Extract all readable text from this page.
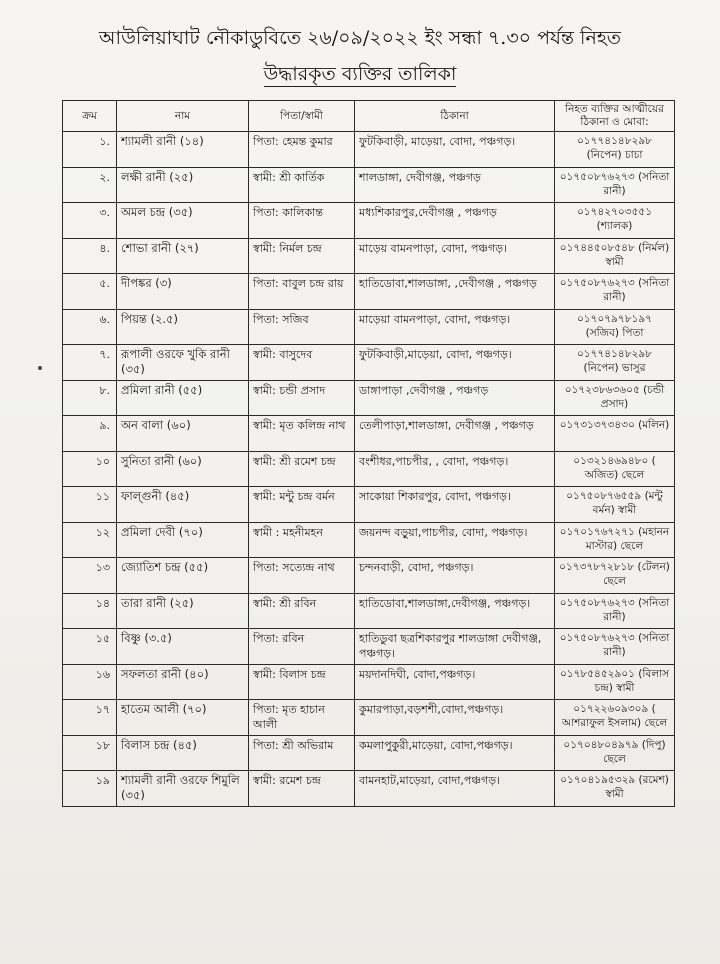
আউলিয়াঘাট নৌকাডুবিতে ২৬/০৯/২০২২ ইং সন্ধা ৭.৩০ পর্যন্ত নিহত
উদ্ধারকৃত ব্যক্তির তালিকা
ক্রম	নাম	পিতা/স্বামী	ঠিকানা	নিহত ব্যক্তির আত্মীয়ের ঠিকানা ও মোবা:
১.	শ্যামলী রানী (১৪)	পিতা: হেমন্ত কুমার	ফুটকিবাড়ী, মাড়েয়া, বোদা, পঞ্চগড়।	০১৭৭৪১৪৮২৯৮ (নিপেন) চাচা
২.	লক্ষী রানী (২৫)	স্বামী: শ্রী কার্তিক	শালডাঙ্গা, দেবীগঞ্জ, পঞ্চগড়	০১৭৫০৮৭৬২৭৩ (সনিতা রানী)
৩.	অমল চন্দ্র (৩৫)	পিতা: কালিকান্ত	মধ্যশিকারপুর,দেবীগঞ্জ , পঞ্চগড়	০১৭৪২৭০৩৫৫১ (শ্যালক)
৪.	শোভা রানী (২৭)	স্বামী: নির্মল চন্দ্র	মাড়েয় বামনপাড়া, বোদা, পঞ্চগড়।	০১৭৪৪৫০৮৫৪৮ (নির্মল) স্বামী
৫.	দীপঙ্কর (৩)	পিতা: বাবুল চন্দ্র রায়	হাতিডোবা,শালডাঙ্গা, ,দেবীগঞ্জ , পঞ্চগড়	০১৭৫০৮৭৬২৭৩ (সনিতা রানী)
৬.	পিয়ন্ত (২.৫)	পিতা: সজিব	মাড়েয়া বামনপাড়া, বোদা, পঞ্চগড়।	০১৭০৭৯৭৮১৯৭ (সজিব) পিতা
৭.	রূপালী ওরফে খুকি রানী (৩৫)	স্বামী: বাসুদেব	ফুটকিবাড়ী,মাড়েয়া, বোদা, পঞ্চগড়।	০১৭৭৪১৪৮২৯৮ (নিপেন) ভাসুর
৮.	প্রমিলা রানী (৫৫)	স্বামী: চন্ডী প্রসাদ	ডাঙ্গাপাড়া ,দেবীগঞ্জ , পঞ্চগড়	০১৭২৩৮৬৩৬০৫ (চন্ডী প্রসাদ)
৯.	অন বালা (৬০)	স্বামী: মৃত কলিন্দ্র নাথ	তেলীপাড়া,শালডাঙ্গা, দেবীগঞ্জ , পঞ্চগড়	০১৭৩১৩৭৩৪৩০ (মলিন)
১০	সুনিতা রানী (৬০)	স্বামী: শ্রী রমেশ চন্দ্র	বংশীধর,পাচপীর, , বোদা, পঞ্চগড়।	০১৩২১৪৬৯৪৮০ ( অজিত) ছেলে
১১	ফাল্গুনী (৪৫)	স্বামী: মন্টু চন্দ্র বর্মন	সাকোয়া শিকারপুর, বোদা, পঞ্চগড়।	০১৭৫০৮৭৬৫৫৯ (মন্টু বর্মন) স্বামী
১২	প্রমিলা দেবী (৭০)	স্বামী : মহনীমহন	জয়নন্দ বড়ুয়া,পাচপীর, বোদা, পঞ্চগড়।	০১৭০১৭৬৭২৭১ (মহানন মাস্টার) ছেলে
১৩	জ্যোতিশ চন্দ্র (৫৫)	পিতা: সত্যেন্দ্র নাথ	চন্দনবাড়ী, বোদা, পঞ্চগড়।	০১৭৩৭৮৭২৮১৮ (টেলন) ছেলে
১৪	তারা রানী (২৫)	স্বামী: শ্রী রবিন	হাতিডোবা,শালডাঙ্গা,দেবীগঞ্জ, পঞ্চগড়।	০১৭৫০৮৭৬২৭৩ (সনিতা রানী)
১৫	বিষ্ণু (৩.৫)	পিতা: রবিন	হাতিডুবা ছত্রশিকারপুর শালডাঙ্গা দেবীগঞ্জ, পঞ্চগড়।	০১৭৫০৮৭৬২৭৩ (সনিতা রানী)
১৬	সফলতা রানী (৪০)	স্বামী: বিলাস চন্দ্র	ময়দানদিঘী, বোদা,পঞ্চগড়।	০১৭৮৫৪৫২৯০১ (বিলাস চন্দ্র) স্বামী
১৭	হাতেম আলী (৭০)	পিতা: মৃত হাচান আলী	কুমারপাড়া,বড়শশী,বোদা,পঞ্চগড়।	০১৭২২৬০৯৩০৯ ( আশরাফুল ইসলাম) ছেলে
১৮	বিলাস চন্দ্র (৪৫)	পিতা: শ্রী অভিরাম	কমলাপুকুরী,মাড়েয়া, বোদা,পঞ্চগড়।	০১৭০৪৮০৪৯৭৯ (দিপু) ছেলে
১৯	শ্যামলী রানী ওরফে শিমুলি (৩৫)	স্বামী: রমেশ চন্দ্র	বামনহাট,মাড়েয়া, বোদা,পঞ্চগড়।	০১৭০৪১৯৫৩২৯ (রমেশ) স্বামী
